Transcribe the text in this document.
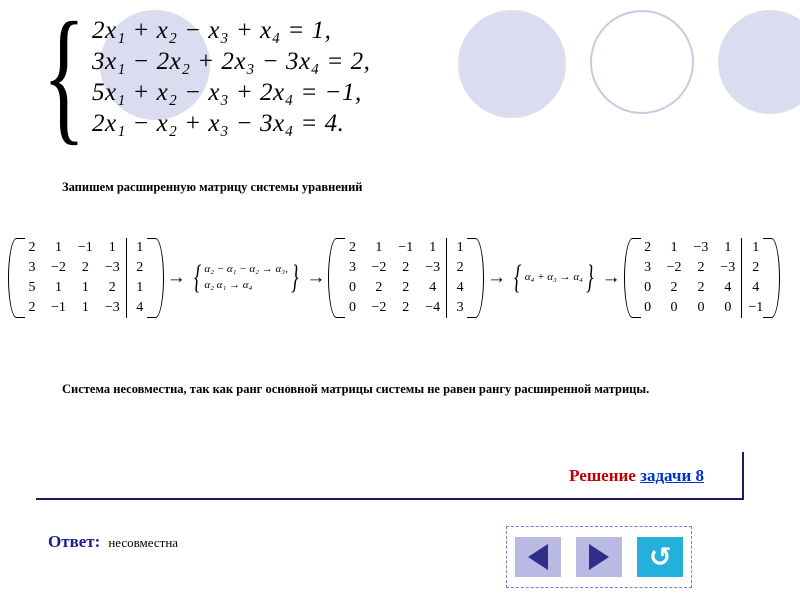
{ 2x₁ + x₂ − x₃ + x₄ = 1,
3x₁ − 2x₂ + 2x₃ − 3x₄ = 2,
5x₁ + x₂ − x₃ + 2x₄ = −1,
2x₁ − x₂ + x₃ − 3x₄ = 4.
Запишем расширенную матрицу системы уравнений
2	1	−1	1	1
3	−2	2	−3	2
5	1	1	2	1
2	−1	1	−3	4
→ { α₂ − α₁ − α₂ → α₃,
α₂ α₁ → α₄	} →
2	1	−1	1	1
3	−2	2	−3	2
0	2	2	4	4
0	−2	2	−4	3
→ { α₄ + α₃ → α₄ } →
2	1	−3	1	1
3	−2	2	−3	2
0	2	2	4	4
0	0	0	0	−1
Система несовместна, так как ранг основной матрицы системы не равен рангу расширенной матрицы.
Решение задачи 8
Ответ: несовместна	↺
